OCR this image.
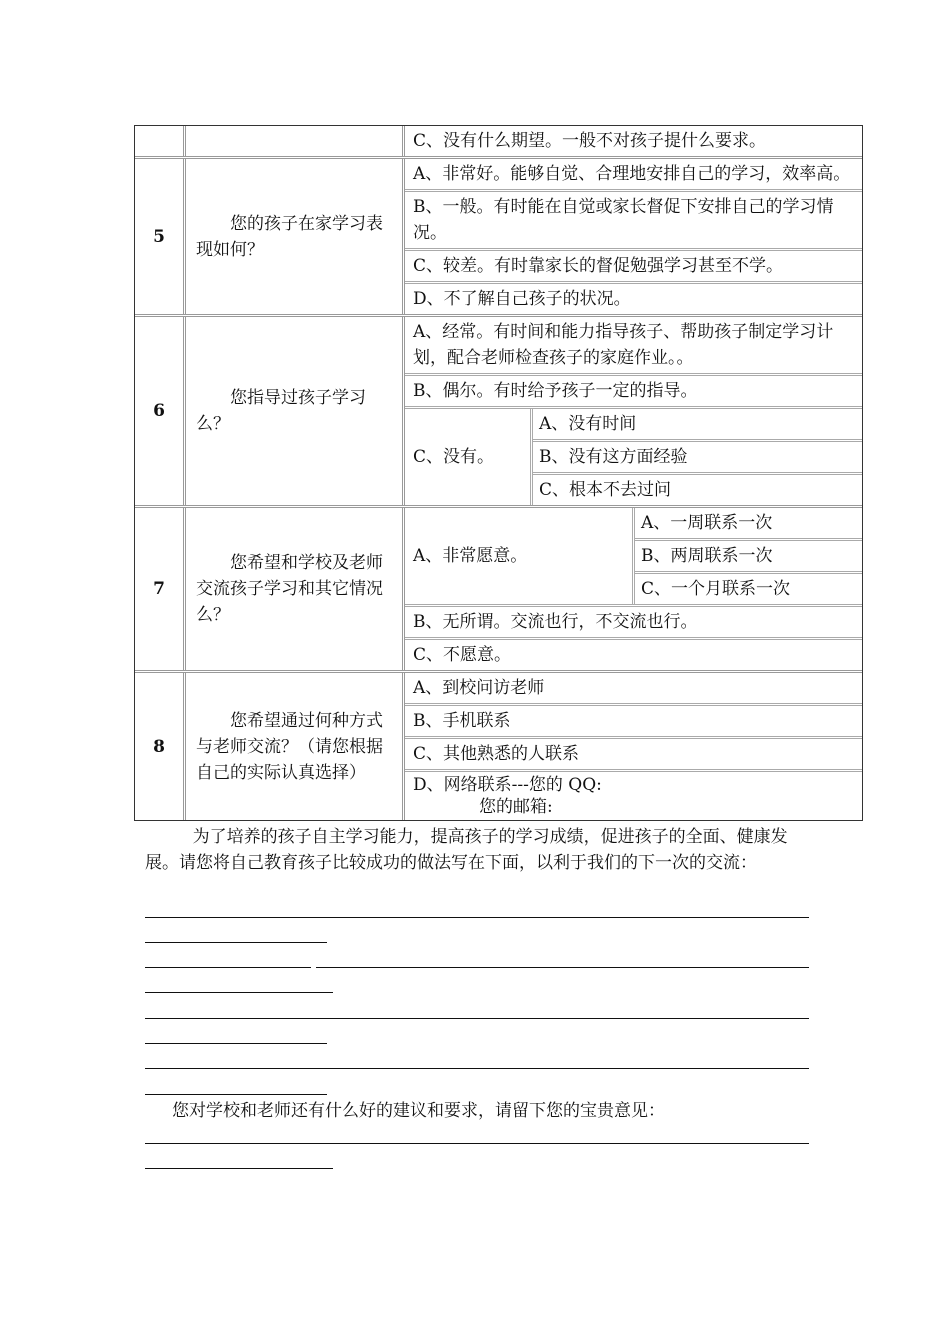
C、没有什么期望。一般不对孩子提什么要求。
5
您的孩子在家学习表现如何？
A、非常好。能够自觉、合理地安排自己的学习，效率高。
B、一般。有时能在自觉或家长督促下安排自己的学习情况。
C、较差。有时靠家长的督促勉强学习甚至不学。
D、不了解自己孩子的状况。
6
您指导过孩子学习么？
A、经常。有时间和能力指导孩子、帮助孩子制定学习计划，配合老师检查孩子的家庭作业。。
B、偶尔。有时给予孩子一定的指导。
C、没有。
A、没有时间
B、没有这方面经验
C、根本不去过问
7
您希望和学校及老师交流孩子学习和其它情况么？
A、非常愿意。
A、一周联系一次
B、两周联系一次
C、一个月联系一次
B、无所谓。交流也行，不交流也行。
C、不愿意。
8
您希望通过何种方式与老师交流？（请您根据自己的实际认真选择）
A、到校问访老师
B、手机联系
C、其他熟悉的人联系
D、网络联系---您的 QQ:
您的邮箱:
为了培养的孩子自主学习能力，提高孩子的学习成绩，促进孩子的全面、健康发展。请您将自己教育孩子比较成功的做法写在下面，以利于我们的下一次的交流：
您对学校和老师还有什么好的建议和要求，请留下您的宝贵意见：
